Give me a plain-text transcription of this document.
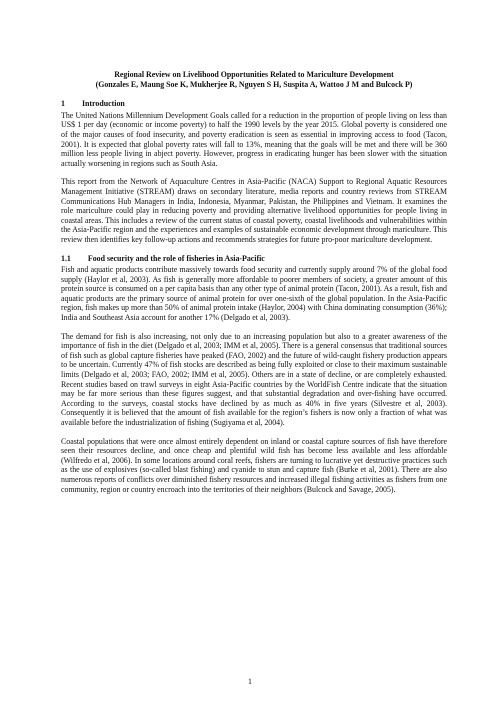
Regional Review on Livelihood Opportunities Related to Mariculture Development
(Gonzales E, Maung Soe K, Mukherjee R, Nguyen S H, Suspita A, Wattoo J M and Bulcock P)
1 Introduction

The United Nations Millennium Development Goals called for a reduction in the proportion of people living on less than US$ 1 per day (economic or income poverty) to half the 1990 levels by the year 2015. Global poverty is considered one of the major causes of food insecurity, and poverty eradication is seen as essential in improving access to food (Tacon, 2001). It is expected that global poverty rates will fall to 13%, meaning that the goals will be met and there will be 360 million less people living in abject poverty. However, progress in eradicating hunger has been slower with the situation actually worsening in regions such as South Asia.

This report from the Network of Aquaculture Centres in Asia-Pacific (NACA) Support to Regional Aquatic Resources Management Initiative (STREAM) draws on secondary literature, media reports and country reviews from STREAM Communications Hub Managers in India, Indonesia, Myanmar, Pakistan, the Philippines and Vietnam. It examines the role mariculture could play in reducing poverty and providing alternative livelihood opportunities for people living in coastal areas. This includes a review of the current status of coastal poverty, coastal livelihoods and vulnerabilities within the Asia-Pacific region and the experiences and examples of sustainable economic development through mariculture. This review then identifies key follow-up actions and recommends strategies for future pro-poor mariculture development.

1.1 Food security and the role of fisheries in Asia-Pacific

Fish and aquatic products contribute massively towards food security and currently supply around 7% of the global food supply (Haylor et al, 2003). As fish is generally more affordable to poorer members of society, a greater amount of this protein source is consumed on a per capita basis than any other type of animal protein (Tacon, 2001). As a result, fish and aquatic products are the primary source of animal protein for over one-sixth of the global population. In the Asia-Pacific region, fish makes up more than 50% of animal protein intake (Haylor, 2004) with China dominating consumption (36%); India and Southeast Asia account for another 17% (Delgado et al, 2003).

The demand for fish is also increasing, not only due to an increasing population but also to a greater awareness of the importance of fish in the diet (Delgado et al, 2003; IMM et al, 2005). There is a general consensus that traditional sources of fish such as global capture fisheries have peaked (FAO, 2002) and the future of wild-caught fishery production appears to be uncertain. Currently 47% of fish stocks are described as being fully exploited or close to their maximum sustainable limits (Delgado et al, 2003; FAO, 2002; IMM et al, 2005). Others are in a state of decline, or are completely exhausted. Recent studies based on trawl surveys in eight Asia-Pacific countries by the WorldFish Centre indicate that the situation may be far more serious than these figures suggest, and that substantial degradation and over-fishing have occurred. According to the surveys, coastal stocks have declined by as much as 40% in five years (Silvestre et al, 2003). Consequently it is believed that the amount of fish available for the region’s fishers is now only a fraction of what was available before the industrialization of fishing (Sugiyama et al, 2004).

Coastal populations that were once almost entirely dependent on inland or coastal capture sources of fish have therefore seen their resources decline, and once cheap and plentiful wild fish has become less available and less affordable (Wilfredo et al, 2006). In some locations around coral reefs, fishers are turning to lucrative yet destructive practices such as the use of explosives (so-called blast fishing) and cyanide to stun and capture fish (Burke et al, 2001). There are also numerous reports of conflicts over diminished fishery resources and increased illegal fishing activities as fishers from one community, region or country encroach into the territories of their neighbors (Bulcock and Savage, 2005).

1
